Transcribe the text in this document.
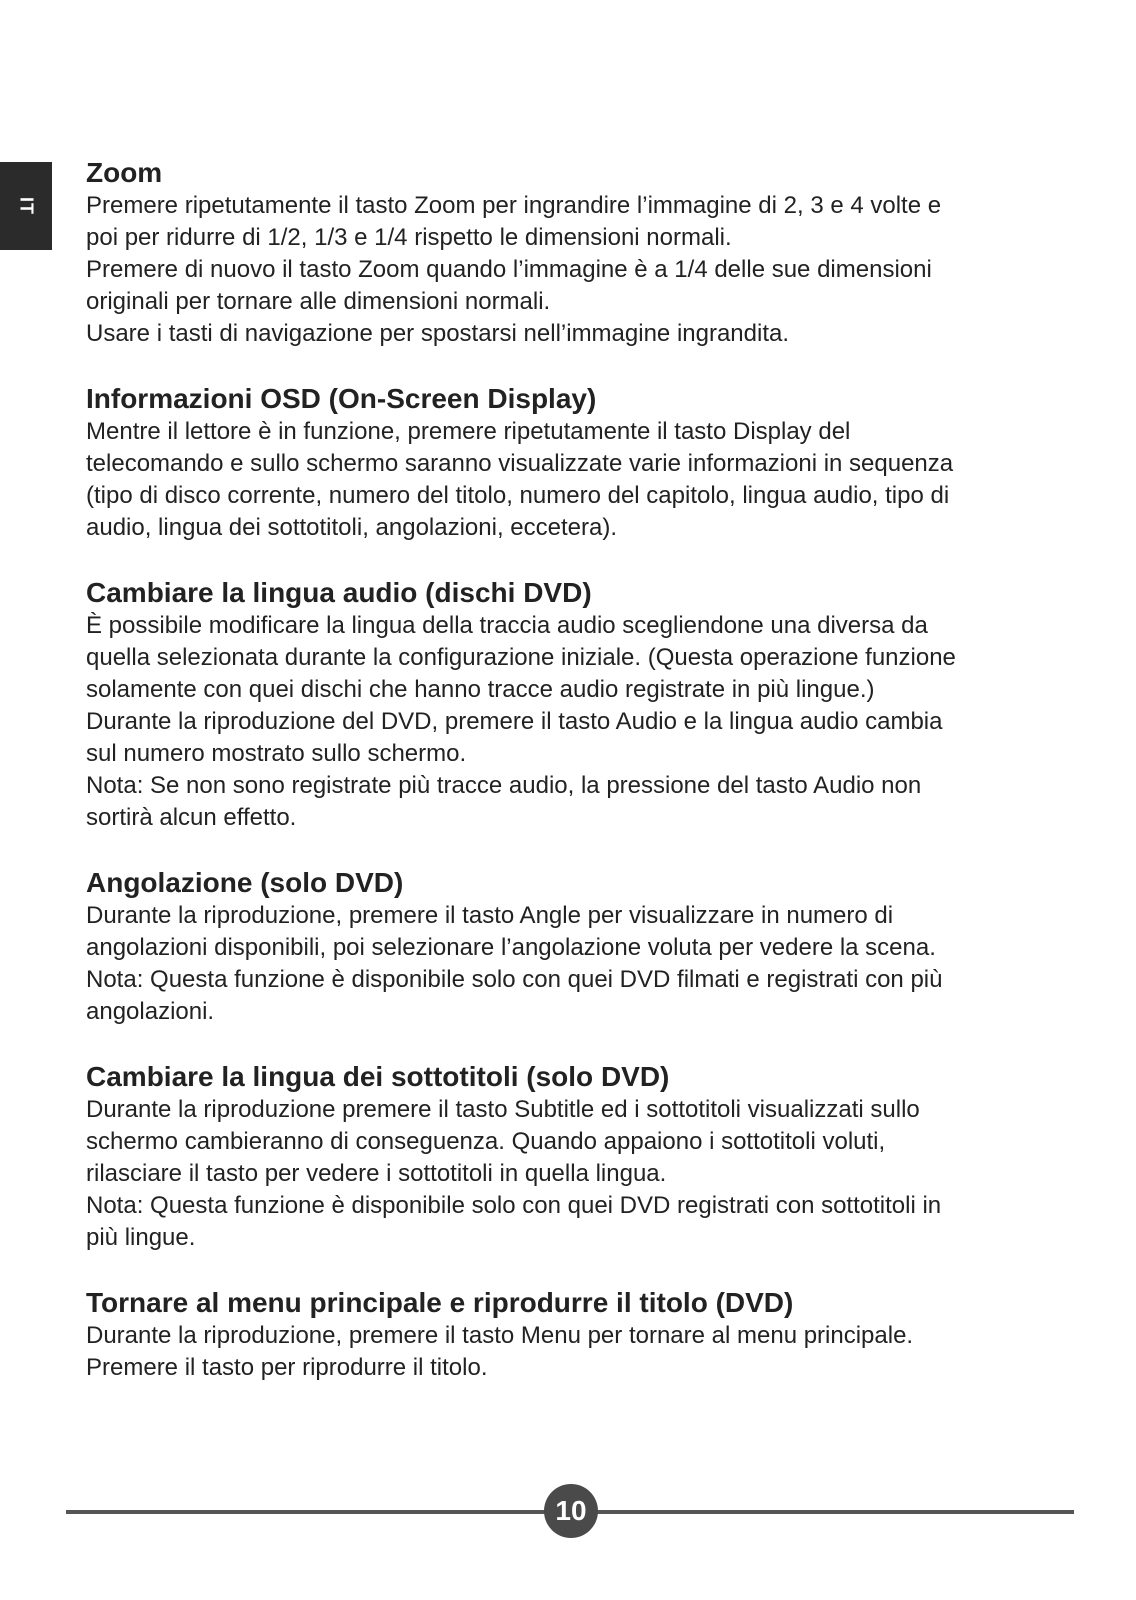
IT
Zoom

Premere ripetutamente il tasto Zoom per ingrandire l’immagine di 2, 3 e 4 volte e
poi per ridurre di 1/2, 1/3 e 1/4 rispetto le dimensioni normali.
Premere di nuovo il tasto Zoom quando l’immagine è a 1/4 delle sue dimensioni
originali per tornare alle dimensioni normali.
Usare i tasti di navigazione per spostarsi nell’immagine ingrandita.

Informazioni OSD (On-Screen Display)

Mentre il lettore è in funzione, premere ripetutamente il tasto Display del
telecomando e sullo schermo saranno visualizzate varie informazioni in sequenza
(tipo di disco corrente, numero del titolo, numero del capitolo, lingua audio, tipo di
audio, lingua dei sottotitoli, angolazioni, eccetera).

Cambiare la lingua audio (dischi DVD)

È possibile modificare la lingua della traccia audio scegliendone una diversa da
quella selezionata durante la configurazione iniziale. (Questa operazione funzione
solamente con quei dischi che hanno tracce audio registrate in più lingue.)
Durante la riproduzione del DVD, premere il tasto Audio e la lingua audio cambia
sul numero mostrato sullo schermo.
Nota: Se non sono registrate più tracce audio, la pressione del tasto Audio non
sortirà alcun effetto.

Angolazione (solo DVD)

Durante la riproduzione, premere il tasto Angle per visualizzare in numero di
angolazioni disponibili, poi selezionare l’angolazione voluta per vedere la scena.
Nota: Questa funzione è disponibile solo con quei DVD filmati e registrati con più
angolazioni.

Cambiare la lingua dei sottotitoli (solo DVD)

Durante la riproduzione premere il tasto Subtitle ed i sottotitoli visualizzati sullo
schermo cambieranno di conseguenza. Quando appaiono i sottotitoli voluti,
rilasciare il tasto per vedere i sottotitoli in quella lingua.
Nota: Questa funzione è disponibile solo con quei DVD registrati con sottotitoli in
più lingue.

Tornare al menu principale e riprodurre il titolo (DVD)

Durante la riproduzione, premere il tasto Menu per tornare al menu principale.
Premere il tasto per riprodurre il titolo.

10
